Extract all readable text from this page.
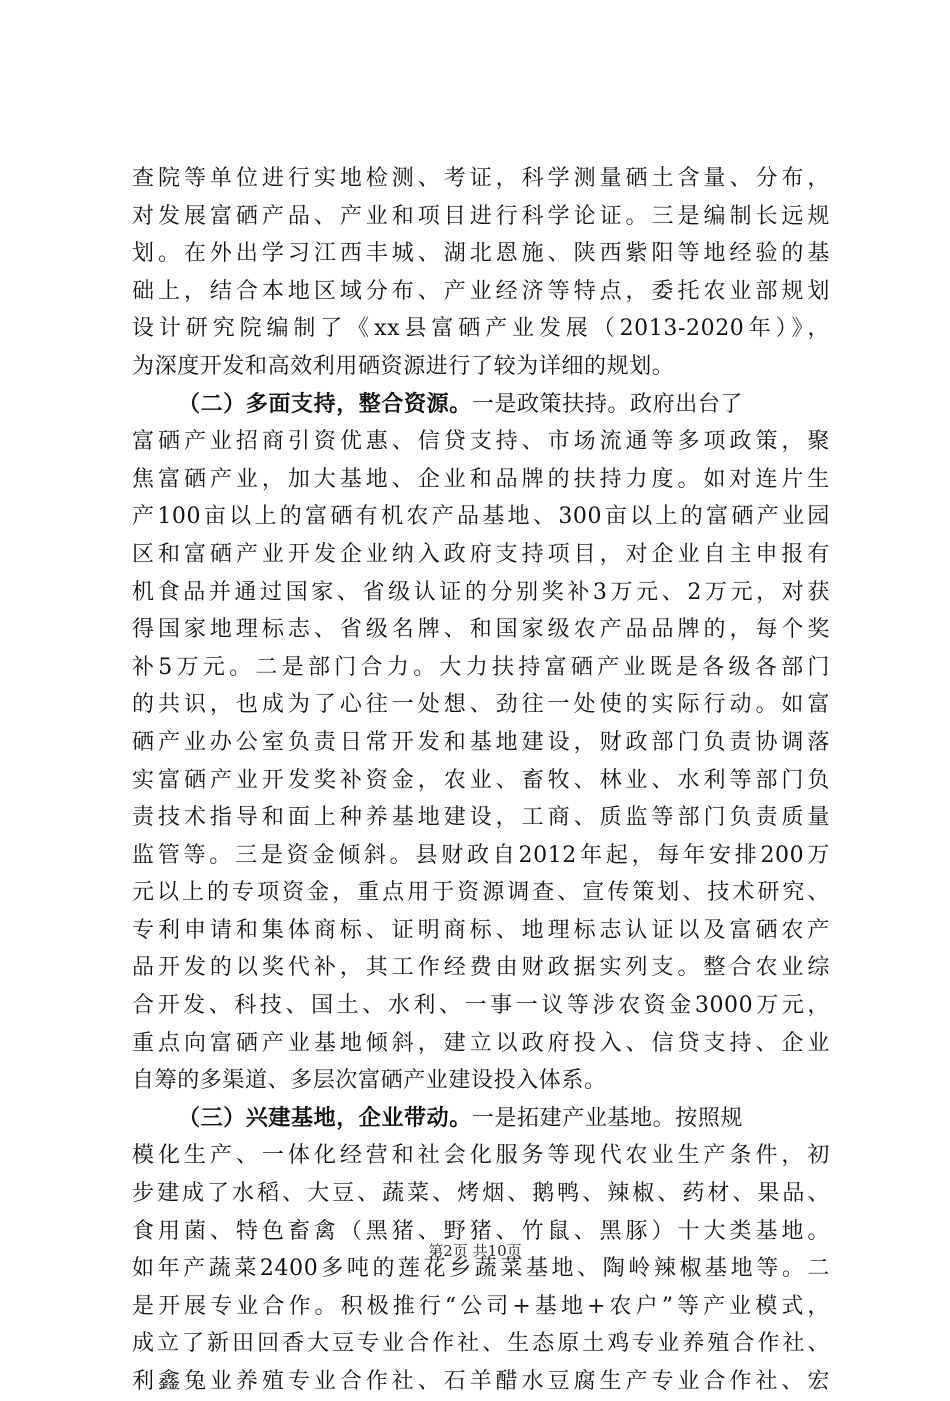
查院等单位进行实地检测、考证，科学测量硒土含量、分布，
对发展富硒产品、产业和项目进行科学论证。三是编制长远规
划。在外出学习江西丰城、湖北恩施、陕西紫阳等地经验的基
础上，结合本地区域分布、产业经济等特点，委托农业部规划
设计研究院编制了《xx县富硒产业发展（2013-2020年）》，
为深度开发和高效利用硒资源进行了较为详细的规划。
（二）多面支持，整合资源。一是政策扶持。政府出台了
富硒产业招商引资优惠、信贷支持、市场流通等多项政策，聚
焦富硒产业，加大基地、企业和品牌的扶持力度。如对连片生
产100亩以上的富硒有机农产品基地、300亩以上的富硒产业园
区和富硒产业开发企业纳入政府支持项目，对企业自主申报有
机食品并通过国家、省级认证的分别奖补3万元、2万元，对获
得国家地理标志、省级名牌、和国家级农产品品牌的，每个奖
补5万元。二是部门合力。大力扶持富硒产业既是各级各部门
的共识，也成为了心往一处想、劲往一处使的实际行动。如富
硒产业办公室负责日常开发和基地建设，财政部门负责协调落
实富硒产业开发奖补资金，农业、畜牧、林业、水利等部门负
责技术指导和面上种养基地建设，工商、质监等部门负责质量
监管等。三是资金倾斜。县财政自2012年起，每年安排200万
元以上的专项资金，重点用于资源调查、宣传策划、技术研究、
专利申请和集体商标、证明商标、地理标志认证以及富硒农产
品开发的以奖代补，其工作经费由财政据实列支。整合农业综
合开发、科技、国土、水利、一事一议等涉农资金3000万元，
重点向富硒产业基地倾斜，建立以政府投入、信贷支持、企业
自筹的多渠道、多层次富硒产业建设投入体系。
（三）兴建基地，企业带动。一是拓建产业基地。按照规
模化生产、一体化经营和社会化服务等现代农业生产条件，初
步建成了水稻、大豆、蔬菜、烤烟、鹅鸭、辣椒、药材、果品、
食用菌、特色畜禽（黑猪、野猪、竹鼠、黑豚）十大类基地。
如年产蔬菜2400多吨的莲花乡蔬菜基地、陶岭辣椒基地等。二
是开展专业合作。积极推行“公司+基地+农户”等产业模式，
成立了新田回香大豆专业合作社、生态原土鸡专业养殖合作社、
利鑫兔业养殖专业合作社、石羊醋水豆腐生产专业合作社、宏
第2页 共10页
